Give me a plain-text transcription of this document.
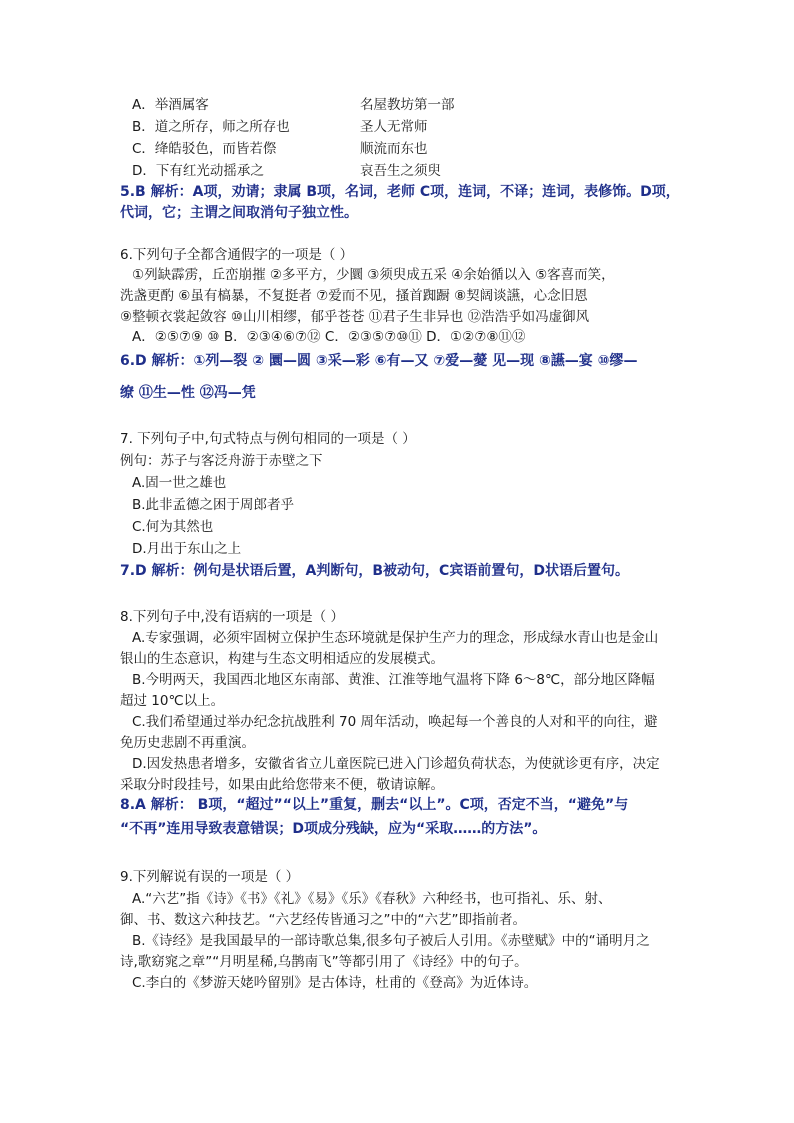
A．举酒属客	名屋教坊第一部
B．道之所存，师之所存也	圣人无常师
C．绛皓驳色，而皆若傺	顺流而东也
D．下有红光动摇承之	哀吾生之须臾
5.B 解析：A项，劝请；隶属 B项，名词，老师 C项，连词，不译；连词，表修饰。D项，
代词，它；主谓之间取消句子独立性。
6.下列句子全都含通假字的一项是（ ）
①列缺霹雳，丘峦崩摧 ②多平方，少圜 ③须臾成五采 ④余始循以入 ⑤客喜而笑，
洗盏更酌 ⑥虽有槁暴，不复挺者 ⑦爱而不见，搔首踟蹰 ⑧契阔谈讌，心念旧恩
⑨整顿衣裳起敛容 ⑩山川相缪，郁乎苍苍 ⑪君子生非异也 ⑫浩浩乎如冯虚御风
A．②⑤⑦⑨ ⑩ B．②③④⑥⑦⑫ C．②③⑤⑦⑩⑪ D．①②⑦⑧⑪⑫
6.D 解析：①列—裂 ② 圜—圆 ③采—彩 ⑥有—又 ⑦爱—薆 见—现 ⑧讌—宴 ⑩缪—
缭 ⑪生—性 ⑫冯—凭
7. 下列句子中,句式特点与例句相同的一项是（ ）
例句：苏子与客泛舟游于赤壁之下
A.固一世之雄也
B.此非孟德之困于周郎者乎
C.何为其然也
D.月出于东山之上
7.D 解析：例句是状语后置，A判断句，B被动句，C宾语前置句，D状语后置句。
8.下列句子中,没有语病的一项是（ ）
A.专家强调，必须牢固树立保护生态环境就是保护生产力的理念，形成绿水青山也是金山
银山的生态意识，构建与生态文明相适应的发展模式。
B.今明两天，我国西北地区东南部、黄淮、江淮等地气温将下降 6～8℃，部分地区降幅
超过 10℃以上。
C.我们希望通过举办纪念抗战胜利 70 周年活动，唤起每一个善良的人对和平的向往，避
免历史悲剧不再重演。
D.因发热患者增多，安徽省省立儿童医院已进入门诊超负荷状态，为使就诊更有序，决定
采取分时段挂号，如果由此给您带来不便，敬请谅解。
8.A 解析： B项，“超过”“以上”重复，删去“以上”。C项，否定不当，“避免”与
“不再”连用导致表意错误；D项成分残缺，应为“采取……的方法”。
9.下列解说有误的一项是（ ）
A.“六艺”指《诗》《书》《礼》《易》《乐》《春秋》六种经书，也可指礼、乐、射、
御、书、数这六种技艺。“六艺经传皆通习之”中的“六艺”即指前者。
B.《诗经》是我国最早的一部诗歌总集,很多句子被后人引用。《赤壁赋》中的“诵明月之
诗,歌窈窕之章”“月明星稀,乌鹊南飞”等都引用了《诗经》中的句子。
C.李白的《梦游天姥吟留别》是古体诗，杜甫的《登高》为近体诗。
